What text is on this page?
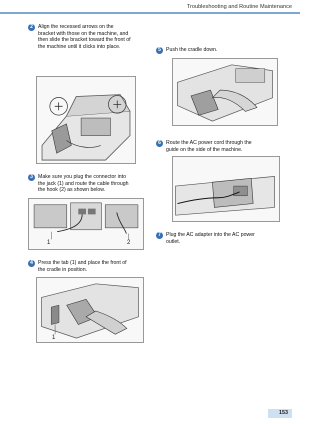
Troubleshooting and Routine Maintenance
2 Align the recessed arrows on the
bracket with those on the machine, and
then slide the bracket toward the front of
the machine until it clicks into place.
3 Make sure you plug the connector into
the jack (1) and route the cable through
the hook (2) as shown below.
1	2
4 Press the tab (1) and place the front of
the cradle in position.
1
5 Push the cradle down.
6 Route the AC power cord through the
guide on the side of the machine.
7 Plug the AC adapter into the AC power
outlet.
153
